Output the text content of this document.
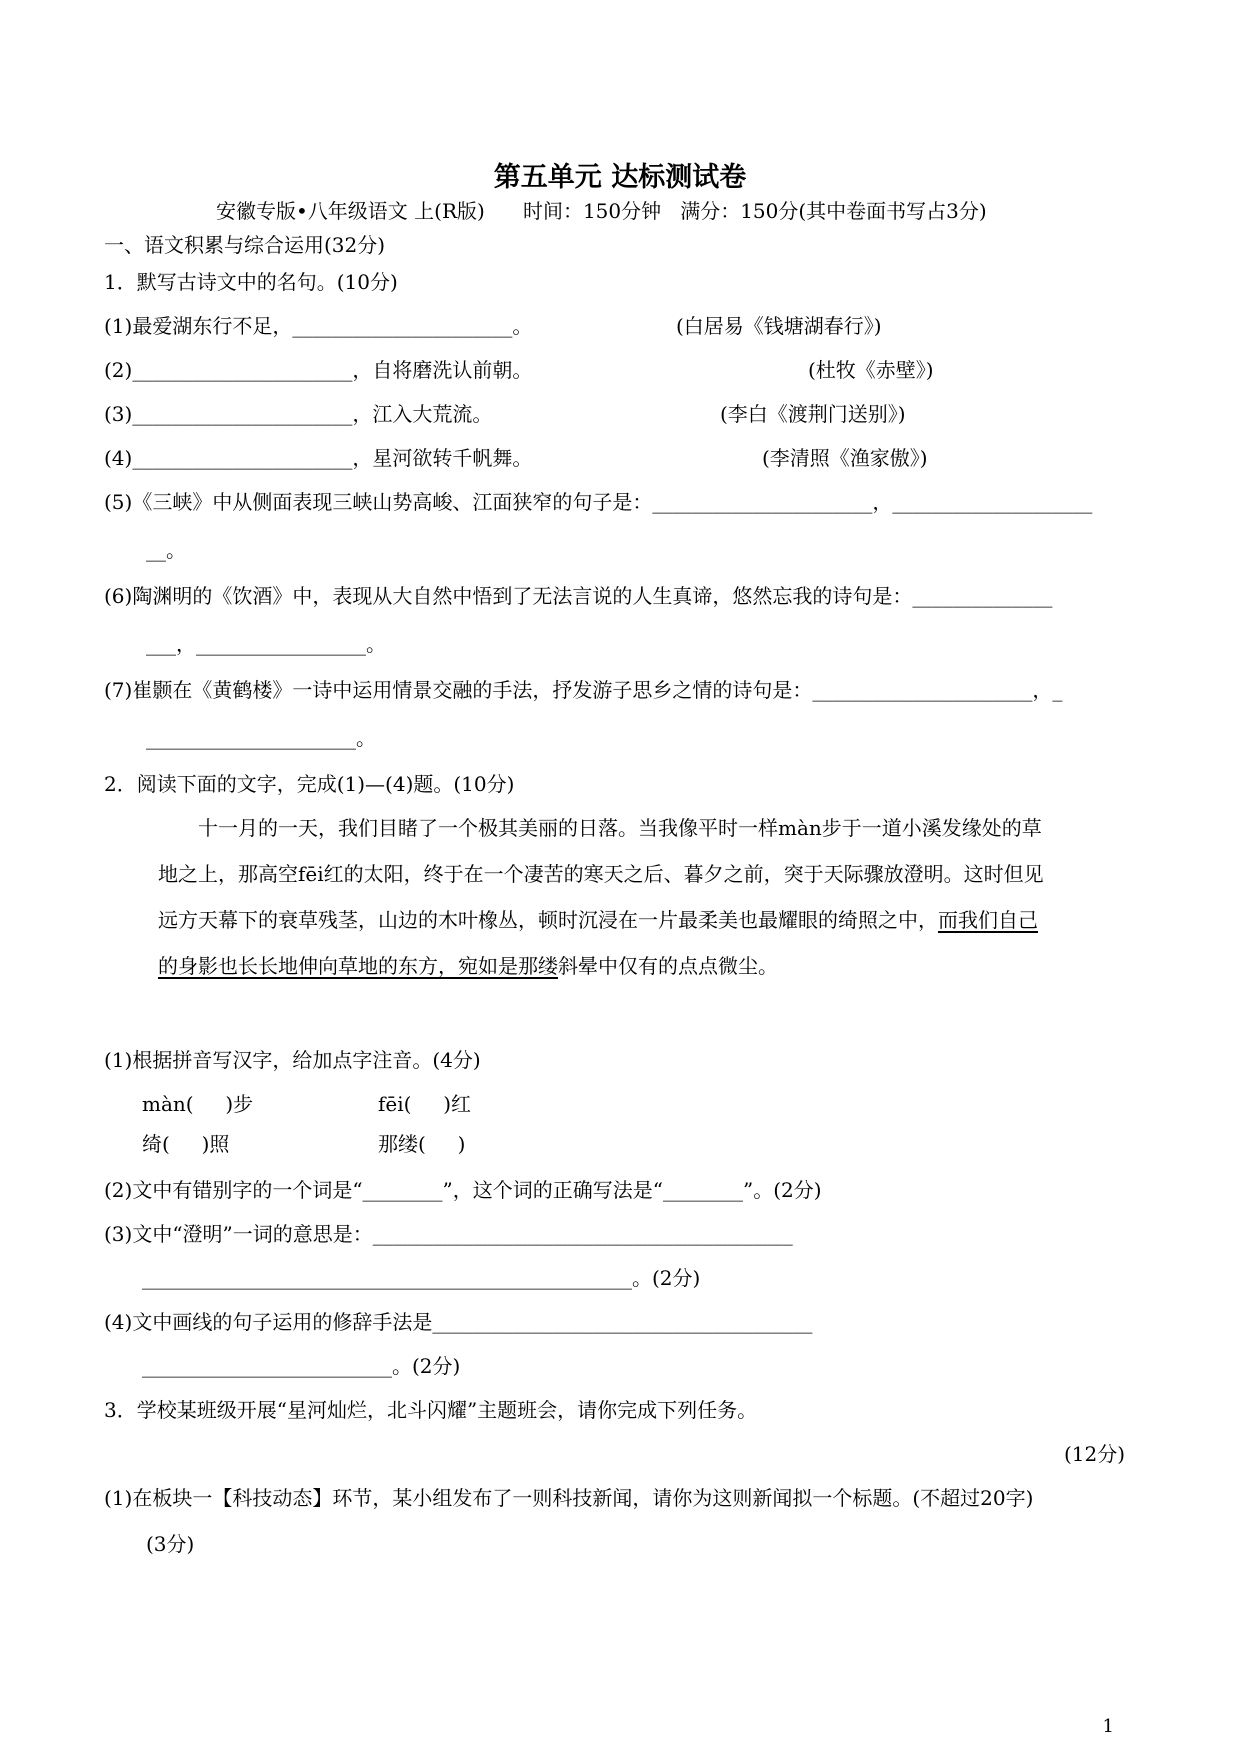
第五单元 达标测试卷
安徽专版•八年级语文 上(R版)      时间：150分钟   满分：150分(其中卷面书写占3分)
一、语文积累与综合运用(32分)
1．默写古诗文中的名句。(10分)
(1)最爱湖东行不足，______________________。	(白居易《钱塘湖春行》)
(2)______________________，自将磨洗认前朝。	(杜牧《赤壁》)
(3)______________________，江入大荒流。	(李白《渡荆门送别》)
(4)______________________，星河欲转千帆舞。	(李清照《渔家傲》)
(5)《三峡》中从侧面表现三峡山势高峻、江面狭窄的句子是：______________________，____________________
__。
(6)陶渊明的《饮酒》中，表现从大自然中悟到了无法言说的人生真谛，悠然忘我的诗句是：______________
___，_________________。
(7)崔颢在《黄鹤楼》一诗中运用情景交融的手法，抒发游子思乡之情的诗句是：______________________，_
_____________________。
2．阅读下面的文字，完成(1)—(4)题。(10分)
十一月的一天，我们目睹了一个极其美丽的日落。当我像平时一样màn步于一道小溪发缘处的草
地之上，那高空fēi红的太阳，终于在一个凄苦的寒天之后、暮夕之前，突于天际骤放澄明。这时但见
远方天幕下的衰草残茎，山边的木叶橡丛，顿时沉浸在一片最柔美也最耀眼的绮照之中，而我们自己
的身影也长长地伸向草地的东方，宛如是那缕斜晕中仅有的点点微尘。
(1)根据拼音写汉字，给加点字注音。(4分)
màn(     )步	fēi(     )红
绮(     )照	那缕(     )
(2)文中有错别字的一个词是“________”，这个词的正确写法是“________”。(2分)
(3)文中“澄明”一词的意思是：__________________________________________
_________________________________________________。(2分)
(4)文中画线的句子运用的修辞手法是______________________________________
_________________________。(2分)
3．学校某班级开展“星河灿烂，北斗闪耀”主题班会，请你完成下列任务。
(12分)
(1)在板块一【科技动态】环节，某小组发布了一则科技新闻，请你为这则新闻拟一个标题。(不超过20字)
(3分)
1
